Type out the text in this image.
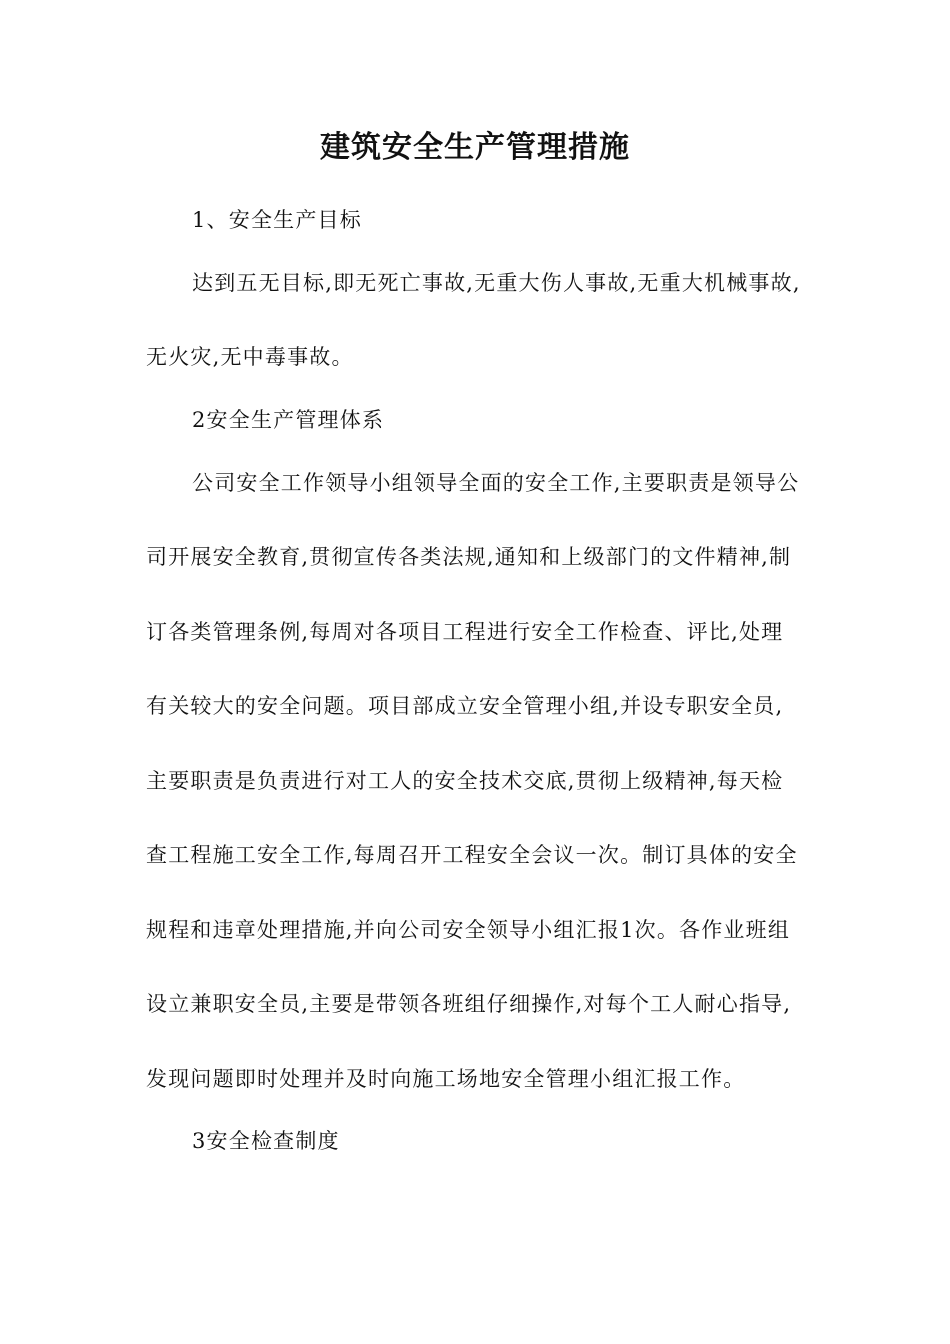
建筑安全生产管理措施
1、安全生产目标
达到五无目标,即无死亡事故,无重大伤人事故,无重大机械事故,
无火灾,无中毒事故。
2安全生产管理体系
公司安全工作领导小组领导全面的安全工作,主要职责是领导公
司开展安全教育,贯彻宣传各类法规,通知和上级部门的文件精神,制
订各类管理条例,每周对各项目工程进行安全工作检查、评比,处理
有关较大的安全问题。项目部成立安全管理小组,并设专职安全员,
主要职责是负责进行对工人的安全技术交底,贯彻上级精神,每天检
查工程施工安全工作,每周召开工程安全会议一次。制订具体的安全
规程和违章处理措施,并向公司安全领导小组汇报1次。各作业班组
设立兼职安全员,主要是带领各班组仔细操作,对每个工人耐心指导,
发现问题即时处理并及时向施工场地安全管理小组汇报工作。
3安全检查制度
